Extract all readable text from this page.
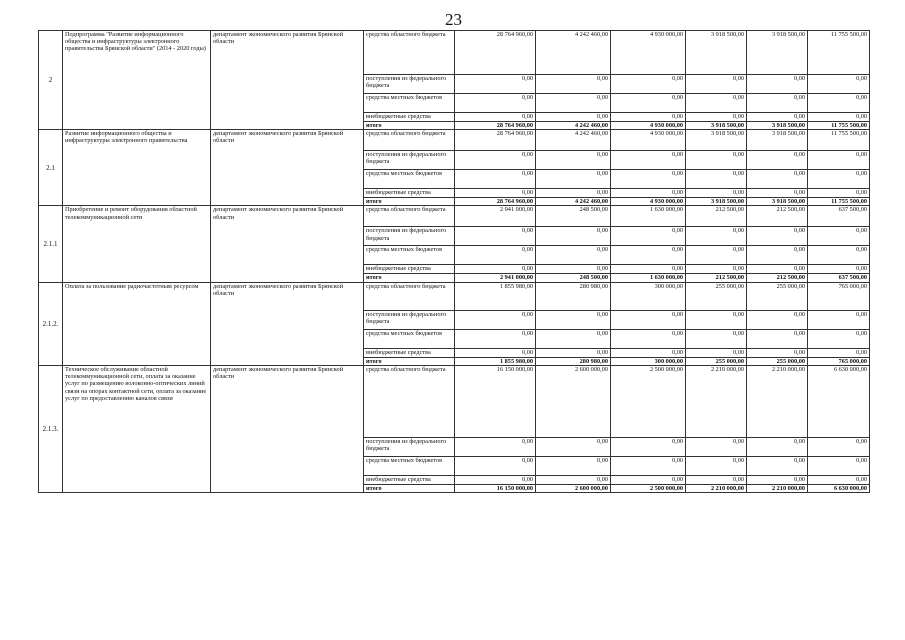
23
2	Подпрограмма "Развитие информационного общества и инфраструктуры электронного правительства Брянской области" (2014 - 2020 годы)	департамент экономического развития Брянской области	средства областного бюджета	28 764 960,00	4 242 460,00	4 930 000,00	3 918 500,00	3 918 500,00	11 755 500,00
			поступления из федерального бюджета	0,00	0,00	0,00	0,00	0,00	0,00
			средства местных бюджетов	0,00	0,00	0,00	0,00	0,00	0,00
			внебюджетные средства	0,00	0,00	0,00	0,00	0,00	0,00
			итого	28 764 960,00	4 242 460,00	4 930 000,00	3 918 500,00	3 918 500,00	11 755 500,00
2.1	Развитие информационного общества и инфраструктуры электронного правительства	департамент экономического развития Брянской области	средства областного бюджета	28 764 960,00	4 242 460,00	4 930 000,00	3 918 500,00	3 918 500,00	11 755 500,00
			поступления из федерального бюджета	0,00	0,00	0,00	0,00	0,00	0,00
			средства местных бюджетов	0,00	0,00	0,00	0,00	0,00	0,00
			внебюджетные средства	0,00	0,00	0,00	0,00	0,00	0,00
			итого	28 764 960,00	4 242 460,00	4 930 000,00	3 918 500,00	3 918 500,00	11 755 500,00
2.1.1	Приобретение и ремонт оборудования областной телекоммуникационной сети	департамент экономического развития Брянской области	средства областного бюджета	2 941 000,00	248 500,00	1 630 000,00	212 500,00	212 500,00	637 500,00
			поступления из федерального бюджета	0,00	0,00	0,00	0,00	0,00	0,00
			средства местных бюджетов	0,00	0,00	0,00	0,00	0,00	0,00
			внебюджетные средства	0,00	0,00	0,00	0,00	0,00	0,00
			итого	2 941 000,00	248 500,00	1 630 000,00	212 500,00	212 500,00	637 500,00
2.1.2.	Оплата за пользование радиочастотным ресурсом	департамент экономического развития Брянской области	средства областного бюджета	1 855 980,00	280 980,00	300 000,00	255 000,00	255 000,00	765 000,00
			поступления из федерального бюджета	0,00	0,00	0,00	0,00	0,00	0,00
			средства местных бюджетов	0,00	0,00	0,00	0,00	0,00	0,00
			внебюджетные средства	0,00	0,00	0,00	0,00	0,00	0,00
			итого	1 855 980,00	280 980,00	300 000,00	255 000,00	255 000,00	765 000,00
2.1.3.	Техническое обслуживание областной телекоммуникационной сети, оплата за оказание услуг по размещению волоконно-оптических линий связи на опорах контактной сети, оплата за оказание услуг по предоставлению каналов связи	департамент экономического развития Брянской области	средства областного бюджета	16 150 000,00	2 600 000,00	2 500 000,00	2 210 000,00	2 210 000,00	6 630 000,00
			поступления из федерального бюджета	0,00	0,00	0,00	0,00	0,00	0,00
			средства местных бюджетов	0,00	0,00	0,00	0,00	0,00	0,00
			внебюджетные средства	0,00	0,00	0,00	0,00	0,00	0,00
			итого	16 150 000,00	2 600 000,00	2 500 000,00	2 210 000,00	2 210 000,00	6 630 000,00
